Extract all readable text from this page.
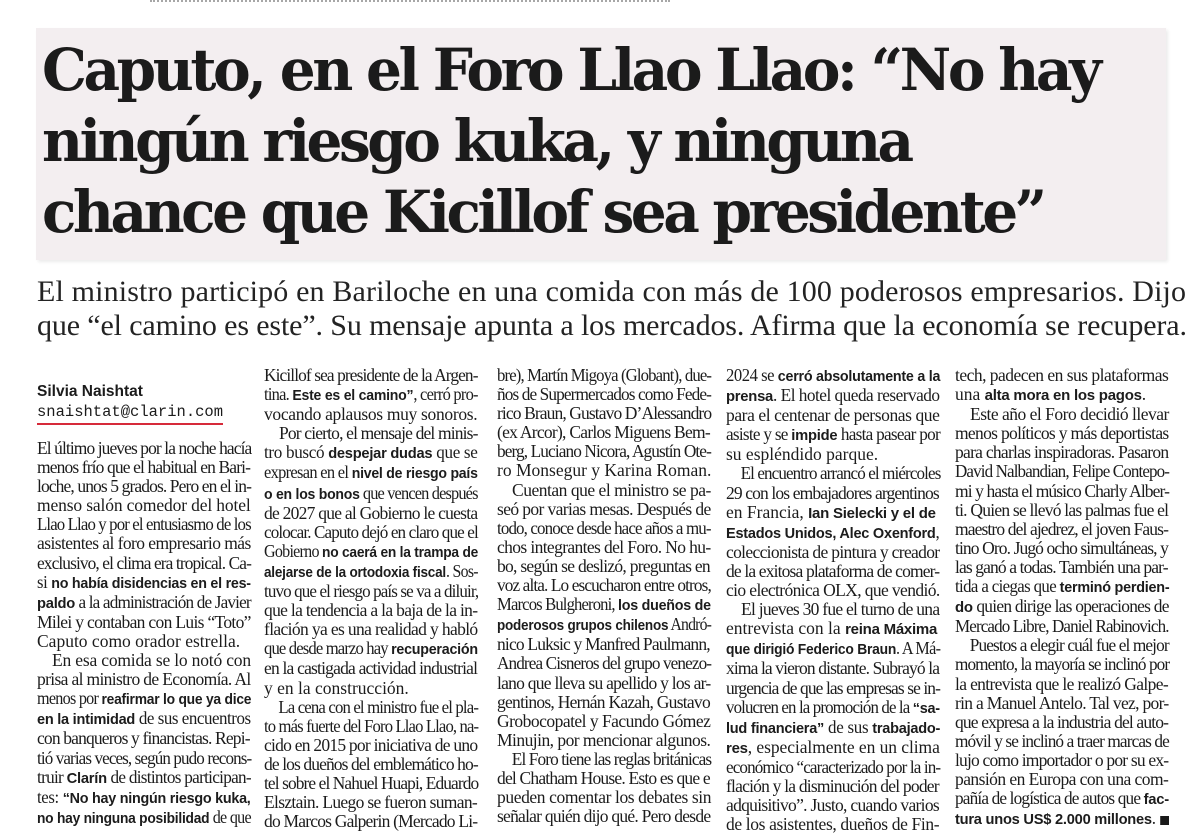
Caputo, en el Foro Llao Llao: “No hay
ningún riesgo kuka, y ninguna
chance que Kicillof sea presidente”
El ministro participó en Bariloche en una comida con más de 100 poderosos empresarios. Dijo
que “el camino es este”. Su mensaje apunta a los mercados. Afirma que la economía se recupera.
Silvia Naishtat
snaishtat@clarin.com

El último jueves por la noche hacía

menos frío que el habitual en Bari-

loche, unos 5 grados. Pero en el in-

menso salón comedor del hotel

Llao Llao y por el entusiasmo de los

asistentes al foro empresario más

exclusivo, el clima era tropical. Ca-

si no había disidencias en el res-

paldo a la administración de Javier

Milei y contaban con Luis “Toto”

Caputo como orador estrella.

En esa comida se lo notó con

prisa al ministro de Economía. Al

menos por reafirmar lo que ya dice

en la intimidad de sus encuentros

con banqueros y financistas. Repi-

tió varias veces, según pudo recons-

truir Clarín de distintos participan-

tes: “No hay ningún riesgo kuka,

no hay ninguna posibilidad de que

Kicillof sea presidente de la Argen-

tina. Este es el camino”, cerró pro-

vocando aplausos muy sonoros.

Por cierto, el mensaje del minis-

tro buscó despejar dudas que se

expresan en el nivel de riesgo país

o en los bonos que vencen después

de 2027 que al Gobierno le cuesta

colocar. Caputo dejó en claro que el

Gobierno no caerá en la trampa de

alejarse de la ortodoxia fiscal. Sos-

tuvo que el riesgo país se va a diluir,

que la tendencia a la baja de la in-

flación ya es una realidad y habló

que desde marzo hay recuperación

en la castigada actividad industrial

y en la construcción.

La cena con el ministro fue el pla-

to más fuerte del Foro Llao Llao, na-

cido en 2015 por iniciativa de uno

de los dueños del emblemático ho-

tel sobre el Nahuel Huapi, Eduardo

Elsztain. Luego se fueron suman-

do Marcos Galperin (Mercado Li-

bre), Martín Migoya (Globant), due-

ños de Supermercados como Fede-

rico Braun, Gustavo D’Alessandro

(ex Arcor), Carlos Miguens Bem-

berg, Luciano Nicora, Agustín Ote-

ro Monsegur y Karina Roman.

Cuentan que el ministro se pa-

seó por varias mesas. Después de

todo, conoce desde hace años a mu-

chos integrantes del Foro. No hu-

bo, según se deslizó, preguntas en

voz alta. Lo escucharon entre otros,

Marcos Bulgheroni, los dueños de

poderosos grupos chilenos Andró-

nico Luksic y Manfred Paulmann,

Andrea Cisneros del grupo venezo-

lano que lleva su apellido y los ar-

gentinos, Hernán Kazah, Gustavo

Grobocopatel y Facundo Gómez

Minujin, por mencionar algunos.

El Foro tiene las reglas británicas

del Chatham House. Esto es que e

pueden comentar los debates sin

señalar quién dijo qué. Pero desde

2024 se cerró absolutamente a la

prensa. El hotel queda reservado

para el centenar de personas que

asiste y se impide hasta pasear por

su espléndido parque.

El encuentro arrancó el miércoles

29 con los embajadores argentinos

en Francia, Ian Sielecki y el de

Estados Unidos, Alec Oxenford,

coleccionista de pintura y creador

de la exitosa plataforma de comer-

cio electrónica OLX, que vendió.

El jueves 30 fue el turno de una

entrevista con la reina Máxima

que dirigió Federico Braun. A Má-

xima la vieron distante. Subrayó la

urgencia de que las empresas se in-

volucren en la promoción de la “sa-

lud financiera” de sus trabajado-

res, especialmente en un clima

económico “caracterizado por la in-

flación y la disminución del poder

adquisitivo”. Justo, cuando varios

de los asistentes, dueños de Fin-

tech, padecen en sus plataformas

una alta mora en los pagos.

Este año el Foro decidió llevar

menos políticos y más deportistas

para charlas inspiradoras. Pasaron

David Nalbandian, Felipe Contepo-

mi y hasta el músico Charly Alber-

ti. Quien se llevó las palmas fue el

maestro del ajedrez, el joven Faus-

tino Oro. Jugó ocho simultáneas, y

las ganó a todas. También una par-

tida a ciegas que terminó perdien-

do quien dirige las operaciones de

Mercado Libre, Daniel Rabinovich.

Puestos a elegir cuál fue el mejor

momento, la mayoría se inclinó por

la entrevista que le realizó Galpe-

rin a Manuel Antelo. Tal vez, por-

que expresa a la industria del auto-

móvil y se inclinó a traer marcas de

lujo como importador o por su ex-

pansión en Europa con una com-

pañía de logística de autos que fac-

tura unos US$ 2.000 millones.
